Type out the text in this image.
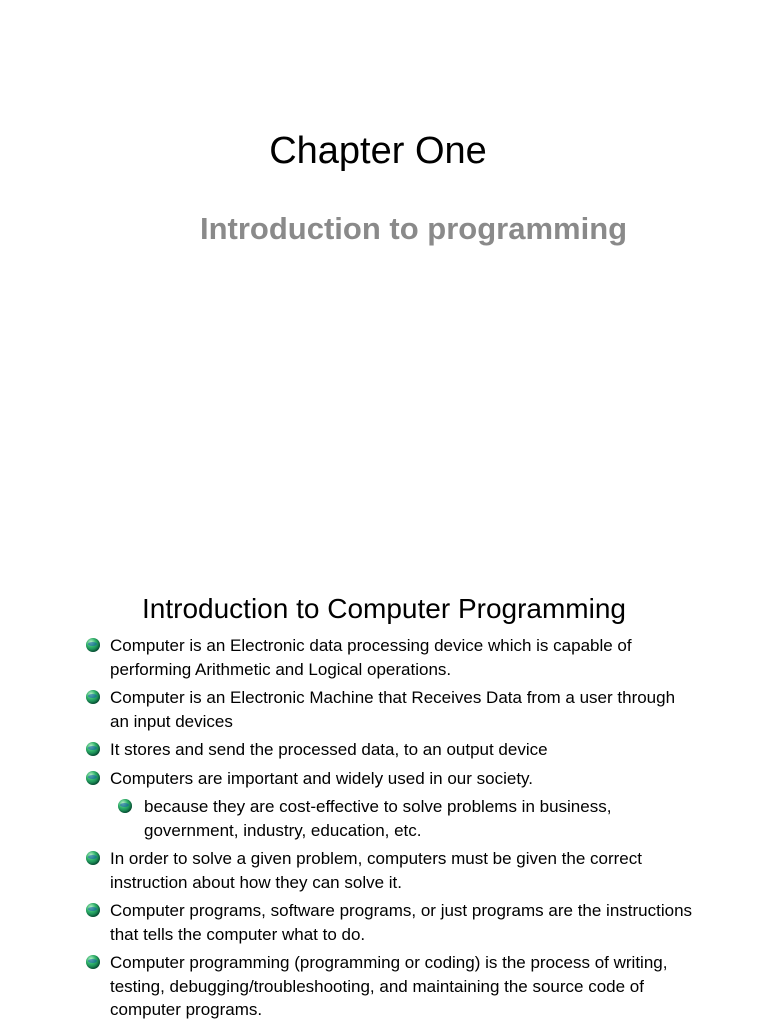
Chapter One
Introduction to programming
Introduction to Computer Programming
Computer is an Electronic data processing device which is capable of performing Arithmetic and Logical operations.
Computer is an Electronic Machine that Receives Data from a user through an input devices
It stores and send the processed data, to an output device
Computers are important and widely used in our society.
because they are cost-effective to solve problems in business, government, industry, education, etc.
In order to solve a given problem, computers must be given the correct instruction about how they can solve it.
Computer programs, software programs, or just programs are the instructions that tells the computer what to do.
Computer programming (programming or coding) is the process of writing, testing, debugging/troubleshooting, and maintaining the source code of computer programs.
